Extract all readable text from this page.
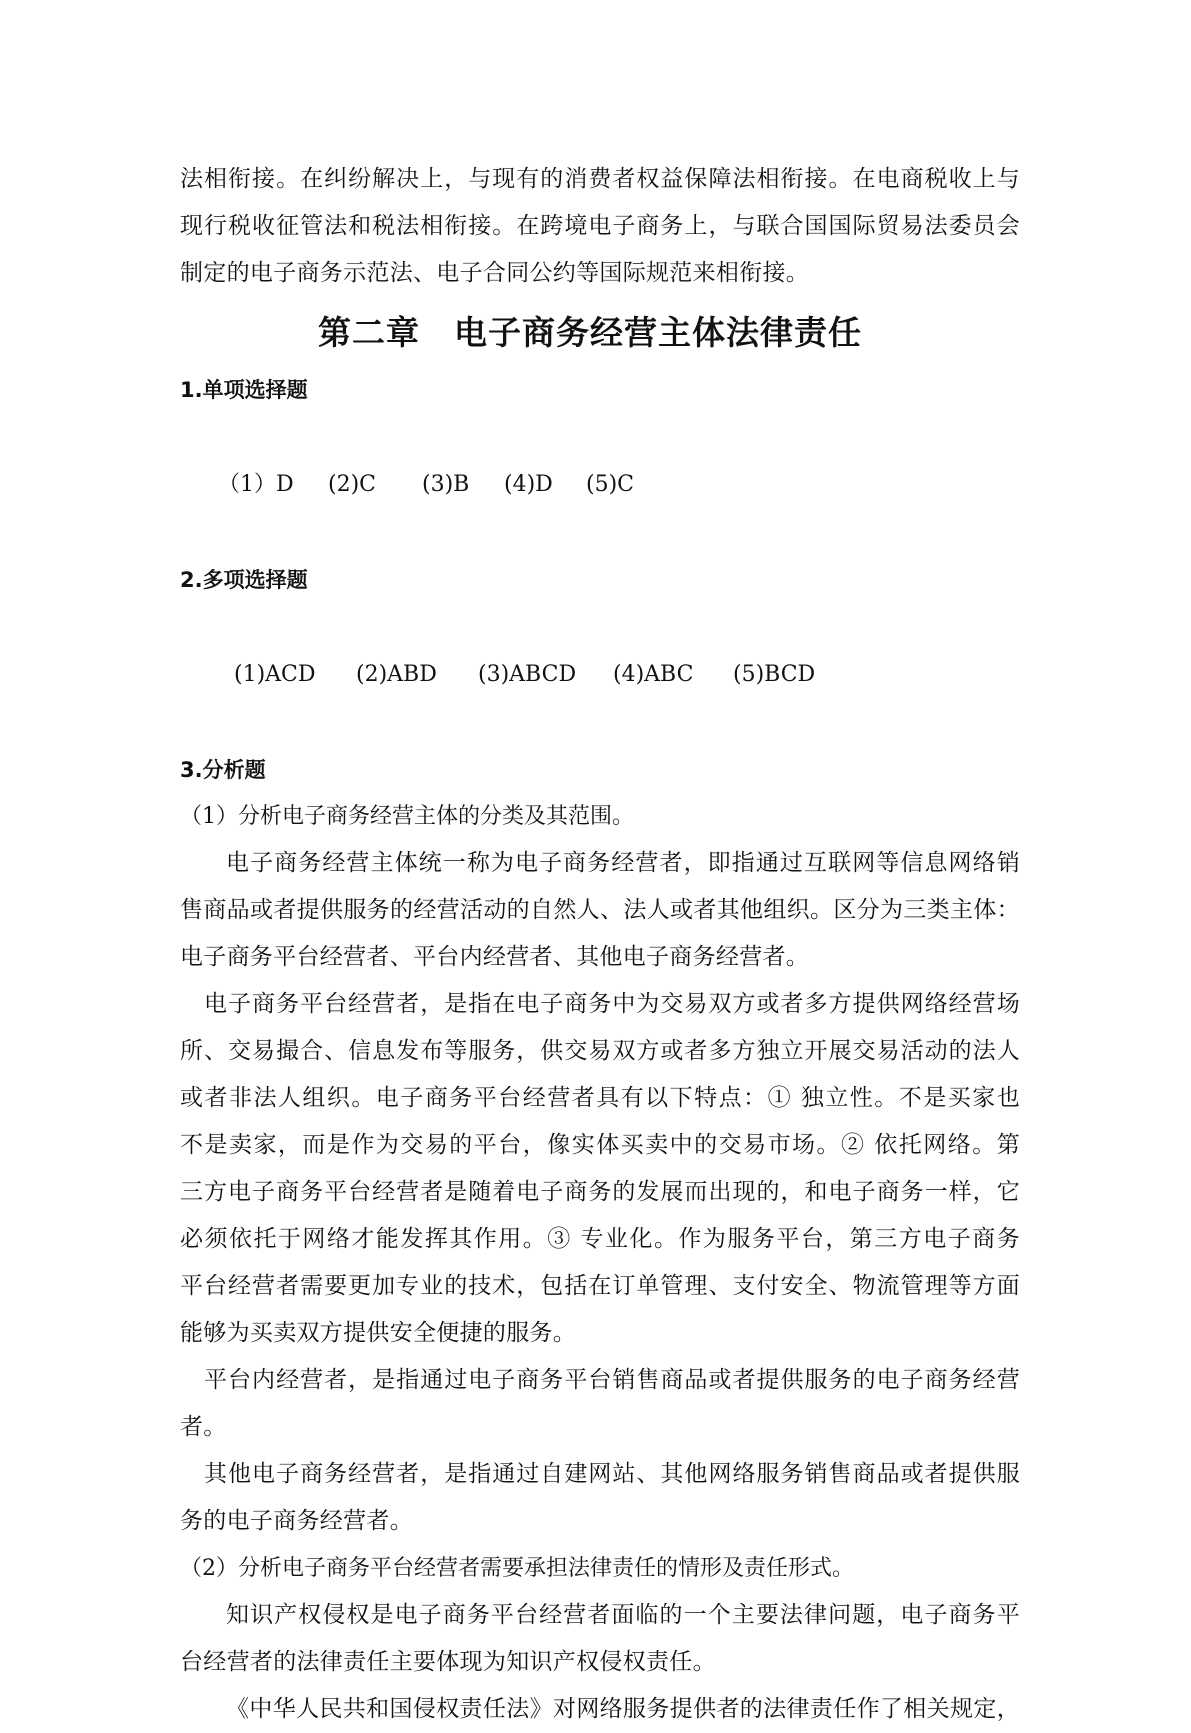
法相衔接。在纠纷解决上，与现有的消费者权益保障法相衔接。在电商税收上与
现行税收征管法和税法相衔接。在跨境电子商务上，与联合国国际贸易法委员会
制定的电子商务示范法、电子合同公约等国际规范来相衔接。
第二章　电子商务经营主体法律责任
1.单项选择题

（1）D (2)C (3)B (4)D (5)C

2.多项选择题

(1)ACD (2)ABD (3)ABCD (4)ABC (5)BCD

3.分析题
（1）分析电子商务经营主体的分类及其范围。
电子商务经营主体统一称为电子商务经营者，即指通过互联网等信息网络销
售商品或者提供服务的经营活动的自然人、法人或者其他组织。区分为三类主体：
电子商务平台经营者、平台内经营者、其他电子商务经营者。
电子商务平台经营者，是指在电子商务中为交易双方或者多方提供网络经营场
所、交易撮合、信息发布等服务，供交易双方或者多方独立开展交易活动的法人
或者非法人组织。电子商务平台经营者具有以下特点：① 独立性。不是买家也
不是卖家，而是作为交易的平台，像实体买卖中的交易市场。② 依托网络。第
三方电子商务平台经营者是随着电子商务的发展而出现的，和电子商务一样，它
必须依托于网络才能发挥其作用。③ 专业化。作为服务平台，第三方电子商务
平台经营者需要更加专业的技术，包括在订单管理、支付安全、物流管理等方面
能够为买卖双方提供安全便捷的服务。
平台内经营者，是指通过电子商务平台销售商品或者提供服务的电子商务经营
者。
其他电子商务经营者，是指通过自建网站、其他网络服务销售商品或者提供服
务的电子商务经营者。
（2）分析电子商务平台经营者需要承担法律责任的情形及责任形式。
知识产权侵权是电子商务平台经营者面临的一个主要法律问题，电子商务平
台经营者的法律责任主要体现为知识产权侵权责任。
《中华人民共和国侵权责任法》对网络服务提供者的法律责任作了相关规定，
